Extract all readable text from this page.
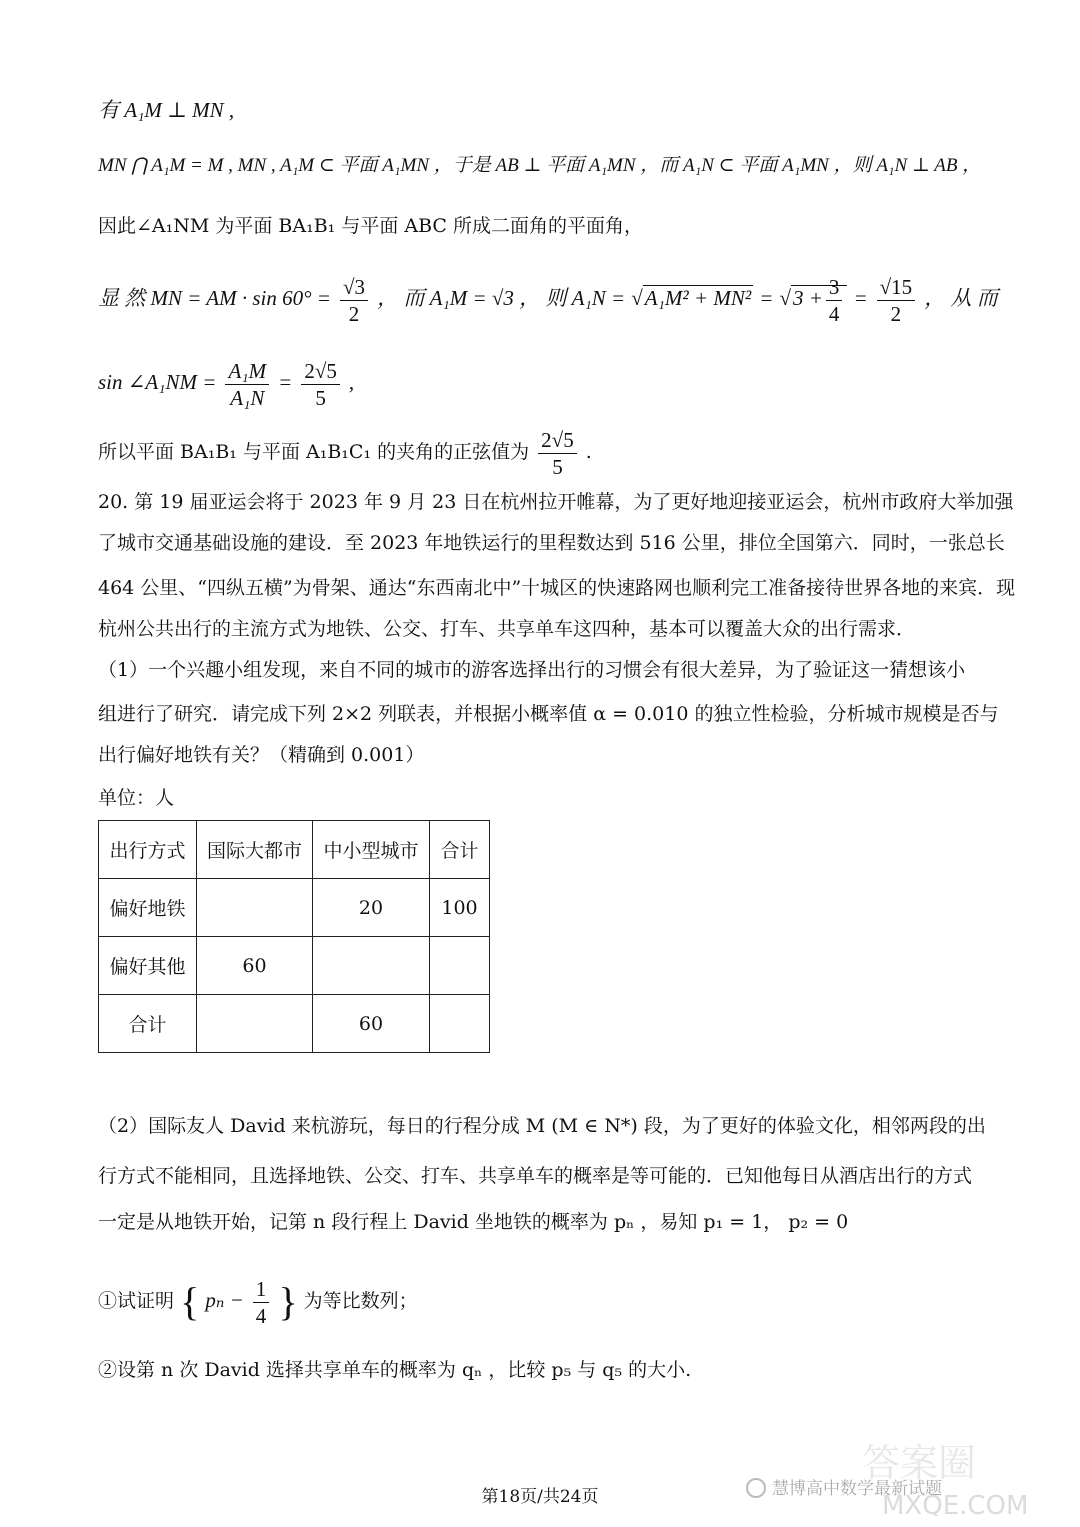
有 A₁M ⊥ MN ,
MN ⋂ A₁M = M , MN , A₁M ⊂ 平面 A₁MN ，于是 AB ⊥ 平面 A₁MN ，而 A₁N ⊂ 平面 A₁MN ，则 A₁N ⊥ AB ，
因此∠A₁NM 为平面 BA₁B₁ 与平面 ABC 所成二面角的平面角，
显 然 MN = AM · $\sin 60^\circ = \frac{√3}{2}$ ， 而 A₁M = √3 ， 则 $A_1N = √A_1M^2 + MN^2 = √3 + \frac{3}{4} = \frac{√15}{2}$ ， 从 而
sin ∠A₁NM = $\frac{\text{A₁M}}{\text{A₁N}} = \frac{2√5}{5}$ ,
所以平面 BA₁B₁ 与平面 A₁B₁C₁ 的夹角的正弦值为 $\frac{2√5}{5}$ .
20. 第 19 届亚运会将于 2023 年 9 月 23 日在杭州拉开帷幕，为了更好地迎接亚运会，杭州市政府大举加强
了城市交通基础设施的建设．至 2023 年地铁运行的里程数达到 516 公里，排位全国第六．同时，一张总长
464 公里、“四纵五横”为骨架、通达“东西南北中”十城区的快速路网也顺利完工准备接待世界各地的来宾．现
杭州公共出行的主流方式为地铁、公交、打车、共享单车这四种，基本可以覆盖大众的出行需求．
（1）一个兴趣小组发现，来自不同的城市的游客选择出行的习惯会有很大差异，为了验证这一猜想该小
组进行了研究．请完成下列 2×2 列联表，并根据小概率值 α = 0.010 的独立性检验，分析城市规模是否与
出行偏好地铁有关？（精确到 0.001）
单位：人
出行方式	国际大都市	中小型城市	合计
偏好地铁		20	100
偏好其他	60		
合计		60	
（2）国际友人 David 来杭游玩，每日的行程分成 M (M ∈ N*) 段，为了更好的体验文化，相邻两段的出
行方式不能相同，且选择地铁、公交、打车、共享单车的概率是等可能的．已知他每日从酒店出行的方式
一定是从地铁开始，记第 n 段行程上 David 坐地铁的概率为 pₙ ，易知 p₁ = 1， p₂ = 0
①试证明 { $p_n - \frac{1}{4}$ } 为等比数列；
②设第 n 次 David 选择共享单车的概率为 qₙ ，比较 p₅ 与 q₅ 的大小.
第18页/共24页	慧博高中数学最新试题
答案圈
MXQE.COM
